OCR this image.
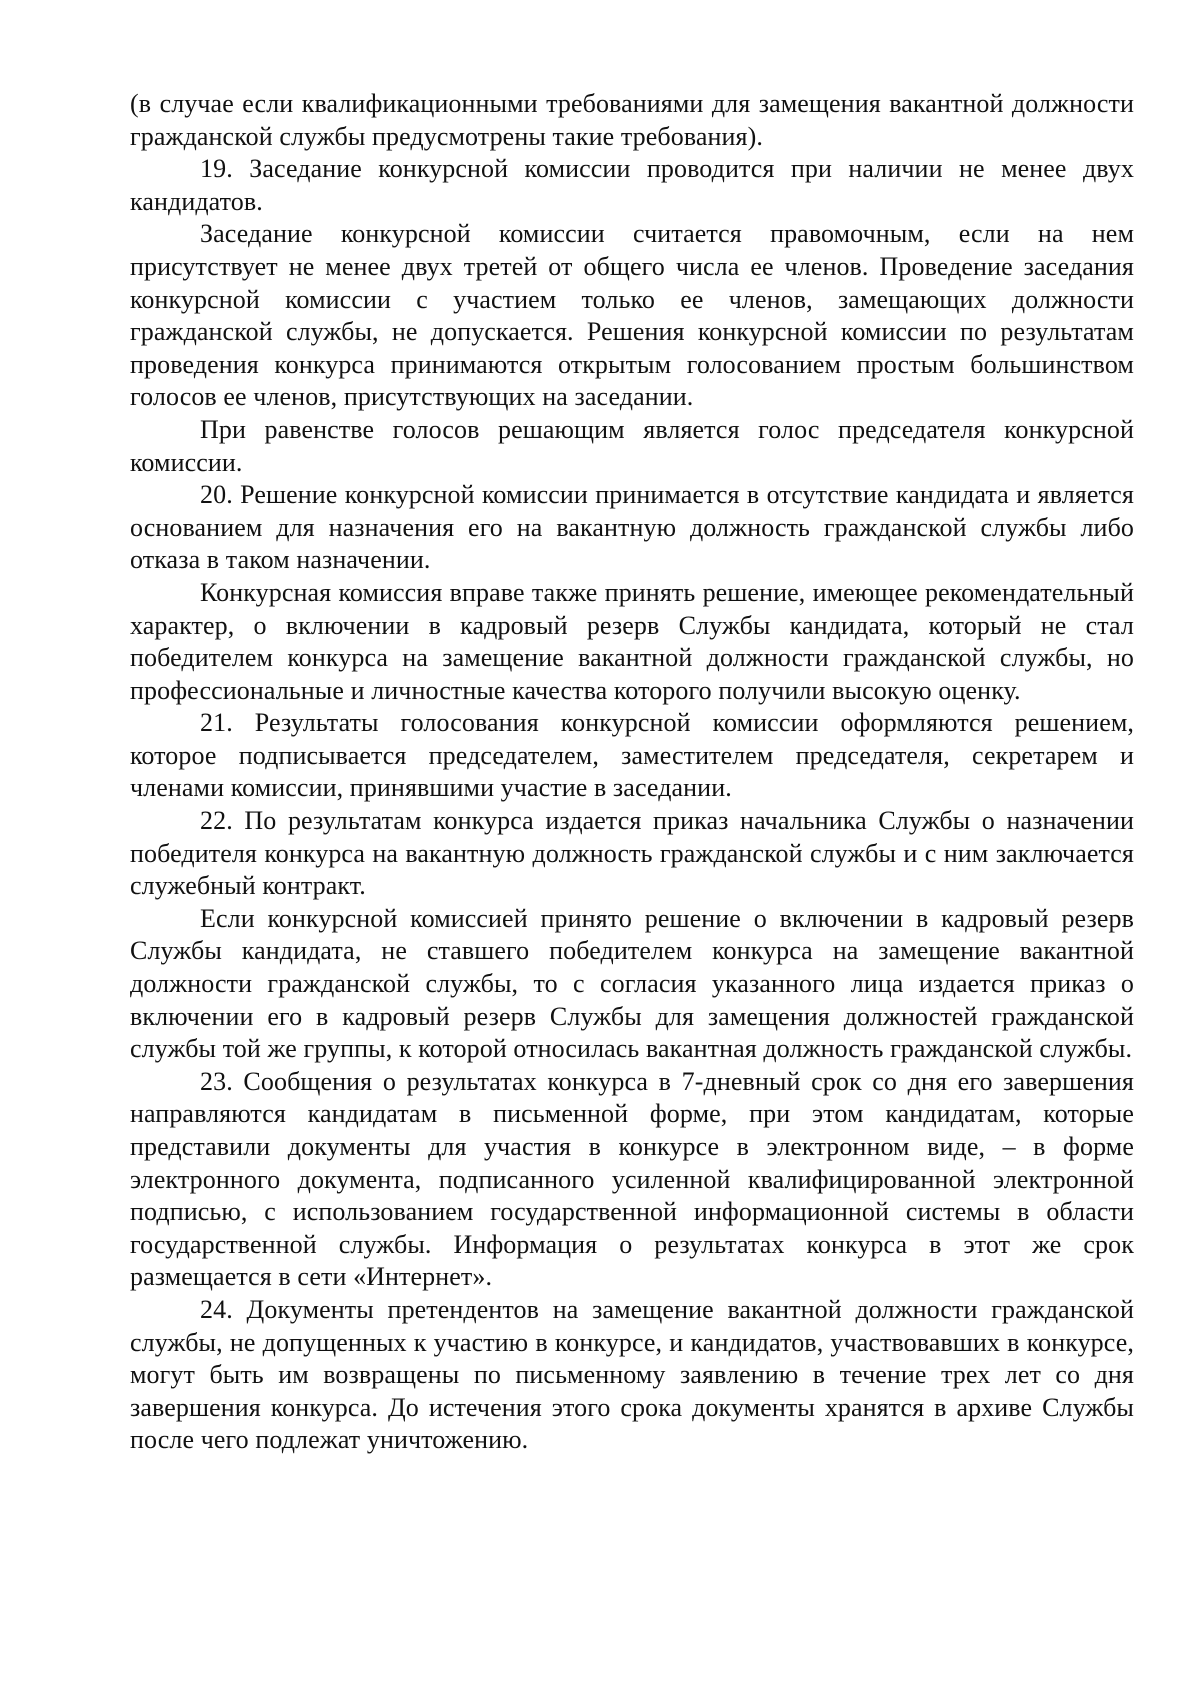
(в случае если квалификационными требованиями для замещения вакантной должности гражданской службы предусмотрены такие требования).

19. Заседание конкурсной комиссии проводится при наличии не менее двух кандидатов.

Заседание конкурсной комиссии считается правомочным, если на нем присутствует не менее двух третей от общего числа ее членов. Проведение заседания конкурсной комиссии с участием только ее членов, замещающих должности гражданской службы, не допускается. Решения конкурсной комиссии по результатам проведения конкурса принимаются открытым голосованием простым большинством голосов ее членов, присутствующих на заседании.

При равенстве голосов решающим является голос председателя конкурсной комиссии.

20. Решение конкурсной комиссии принимается в отсутствие кандидата и является основанием для назначения его на вакантную должность гражданской службы либо отказа в таком назначении.

Конкурсная комиссия вправе также принять решение, имеющее рекомендательный характер, о включении в кадровый резерв Службы кандидата, который не стал победителем конкурса на замещение вакантной должности гражданской службы, но профессиональные и личностные качества которого получили высокую оценку.

21. Результаты голосования конкурсной комиссии оформляются решением, которое подписывается председателем, заместителем председателя, секретарем и членами комиссии, принявшими участие в заседании.

22. По результатам конкурса издается приказ начальника Службы о назначении победителя конкурса на вакантную должность гражданской службы и с ним заключается служебный контракт.

Если конкурсной комиссией принято решение о включении в кадровый резерв Службы кандидата, не ставшего победителем конкурса на замещение вакантной должности гражданской службы, то с согласия указанного лица издается приказ о включении его в кадровый резерв Службы для замещения должностей гражданской службы той же группы, к которой относилась вакантная должность гражданской службы.

23. Сообщения о результатах конкурса в 7-дневный срок со дня его завершения направляются кандидатам в письменной форме, при этом кандидатам, которые представили документы для участия в конкурсе в электронном виде, – в форме электронного документа, подписанного усиленной квалифицированной электронной подписью, с использованием государственной информационной системы в области государственной службы. Информация о результатах конкурса в этот же срок размещается в сети «Интернет».

24. Документы претендентов на замещение вакантной должности гражданской службы, не допущенных к участию в конкурсе, и кандидатов, участвовавших в конкурсе, могут быть им возвращены по письменному заявлению в течение трех лет со дня завершения конкурса. До истечения этого срока документы хранятся в архиве Службы после чего подлежат уничтожению.
